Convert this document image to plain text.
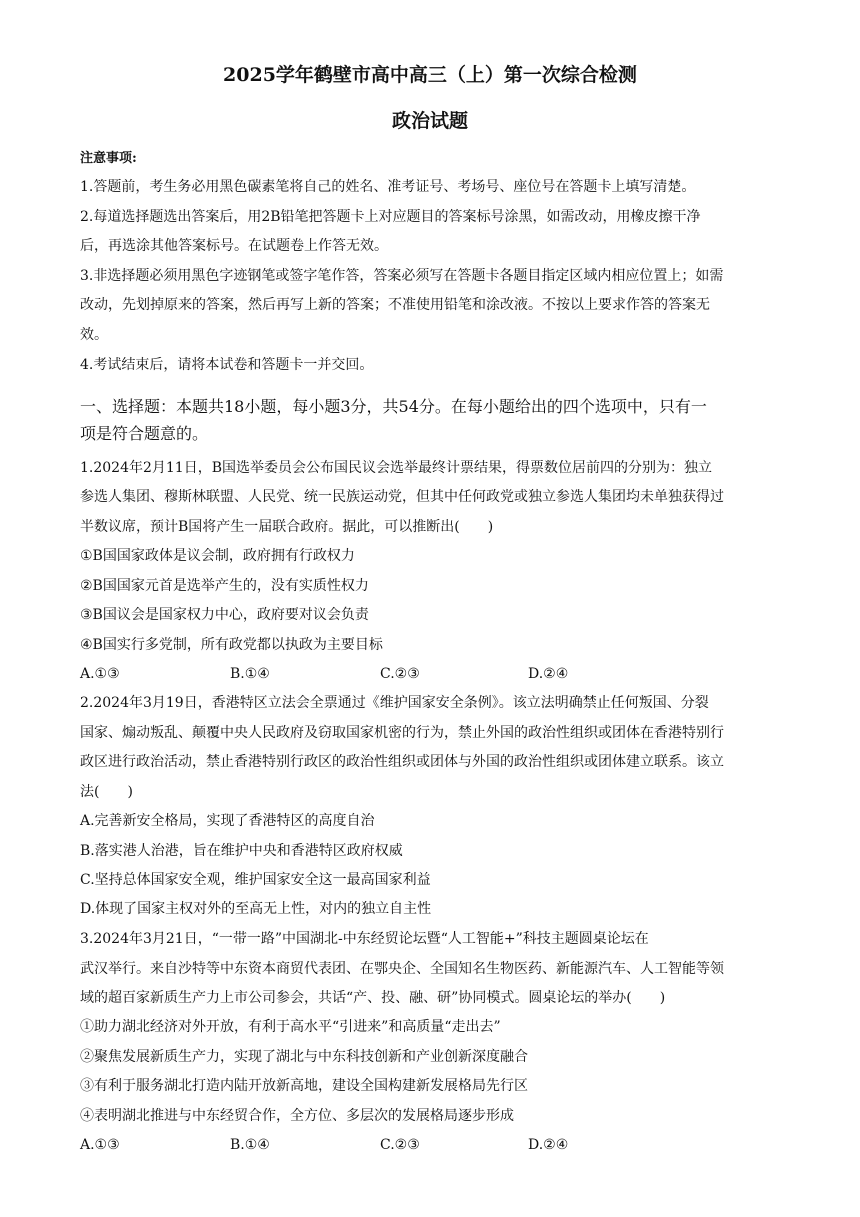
2025学年鹤壁市高中高三（上）第一次综合检测
政治试题
注意事项:
1.答题前，考生务必用黑色碳素笔将自己的姓名、准考证号、考场号、座位号在答题卡上填写清楚。
2.每道选择题选出答案后，用2B铅笔把答题卡上对应题目的答案标号涂黑，如需改动，用橡皮擦干净
后，再选涂其他答案标号。在试题卷上作答无效。
3.非选择题必须用黑色字迹钢笔或签字笔作答，答案必须写在答题卡各题目指定区域内相应位置上；如需
改动，先划掉原来的答案，然后再写上新的答案；不准使用铅笔和涂改液。不按以上要求作答的答案无
效。
4.考试结束后，请将本试卷和答题卡一并交回。
一、选择题：本题共18小题，每小题3分，共54分。在每小题给出的四个选项中，只有一
项是符合题意的。
1.2024年2月11日，B国选举委员会公布国民议会选举最终计票结果，得票数位居前四的分别为：独立
参选人集团、穆斯林联盟、人民党、统一民族运动党，但其中任何政党或独立参选人集团均未单独获得过
半数议席，预计B国将产生一届联合政府。据此，可以推断出(　　)
①B国国家政体是议会制，政府拥有行政权力
②B国国家元首是选举产生的，没有实质性权力
③B国议会是国家权力中心，政府要对议会负责
④B国实行多党制，所有政党都以执政为主要目标
A.①③	B.①④	C.②③	D.②④
2.2024年3月19日，香港特区立法会全票通过《维护国家安全条例》。该立法明确禁止任何叛国、分裂
国家、煽动叛乱、颠覆中央人民政府及窃取国家机密的行为，禁止外国的政治性组织或团体在香港特别行
政区进行政治活动，禁止香港特别行政区的政治性组织或团体与外国的政治性组织或团体建立联系。该立
法(　　)
A.完善新安全格局，实现了香港特区的高度自治
B.落实港人治港，旨在维护中央和香港特区政府权威
C.坚持总体国家安全观，维护国家安全这一最高国家利益
D.体现了国家主权对外的至高无上性，对内的独立自主性
3.2024年3月21日，“一带一路”中国湖北-中东经贸论坛暨“人工智能+”科技主题圆桌论坛在
武汉举行。来自沙特等中东资本商贸代表团、在鄂央企、全国知名生物医药、新能源汽车、人工智能等领
域的超百家新质生产力上市公司参会，共话“产、投、融、研”协同模式。圆桌论坛的举办(　　)
①助力湖北经济对外开放，有利于高水平“引进来”和高质量“走出去”
②聚焦发展新质生产力，实现了湖北与中东科技创新和产业创新深度融合
③有利于服务湖北打造内陆开放新高地，建设全国构建新发展格局先行区
④表明湖北推进与中东经贸合作，全方位、多层次的发展格局逐步形成
A.①③	B.①④	C.②③	D.②④
